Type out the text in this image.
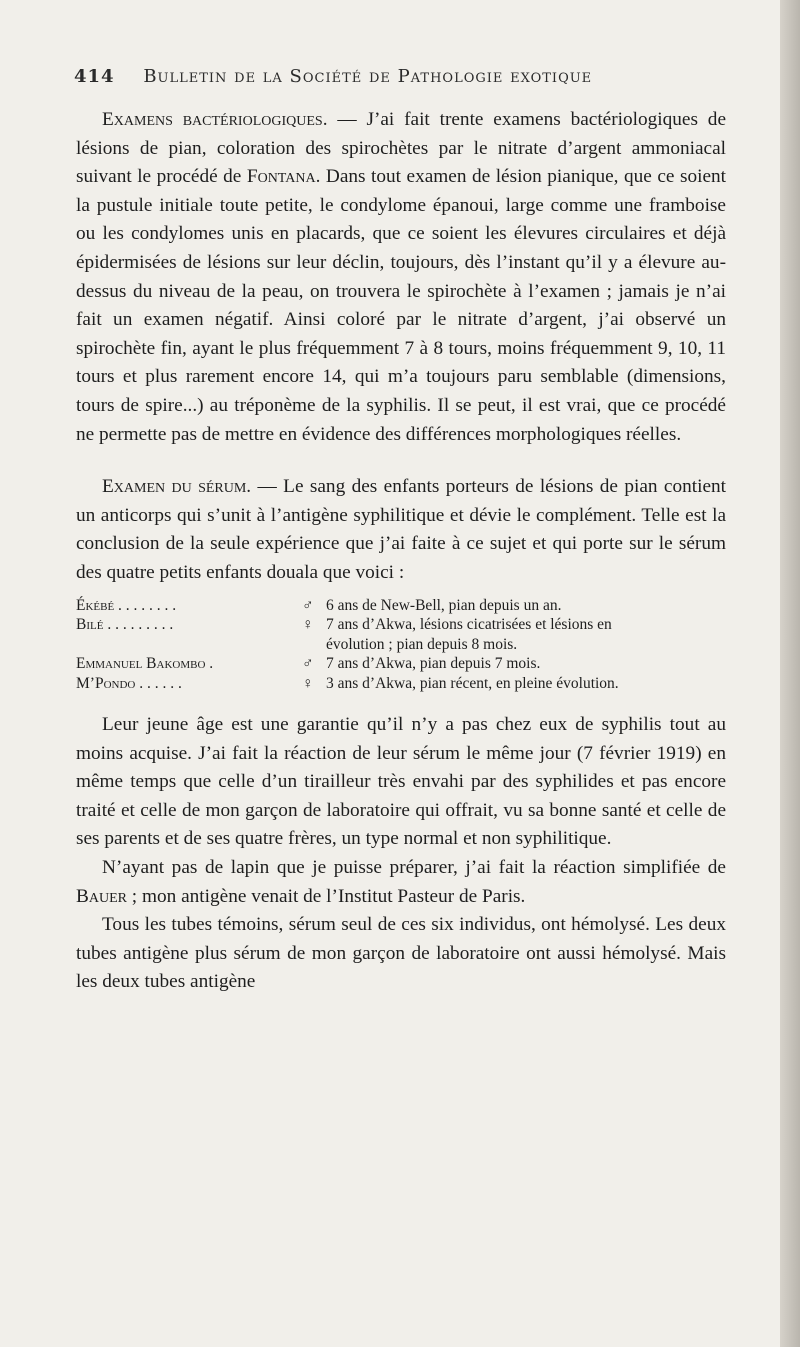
414 Bulletin de la Société de Pathologie exotique

Examens bactériologiques. — J’ai fait trente examens bactériologiques de lésions de pian, coloration des spirochètes par le nitrate d’argent ammoniacal suivant le procédé de Fontana. Dans tout examen de lésion pianique, que ce soient la pustule initiale toute petite, le condylome épanoui, large comme une framboise ou les condylomes unis en placards, que ce soient les élevures circulaires et déjà épidermisées de lésions sur leur déclin, toujours, dès l’instant qu’il y a élevure au-dessus du niveau de la peau, on trouvera le spirochète à l’examen ; jamais je n’ai fait un examen négatif. Ainsi coloré par le nitrate d’argent, j’ai observé un spirochète fin, ayant le plus fréquemment 7 à 8 tours, moins fréquemment 9, 10, 11 tours et plus rarement encore 14, qui m’a toujours paru semblable (dimensions, tours de spire...) au tréponème de la syphilis. Il se peut, il est vrai, que ce procédé ne permette pas de mettre en évidence des différences morphologiques réelles.

Examen du sérum. — Le sang des enfants porteurs de lésions de pian contient un anticorps qui s’unit à l’antigène syphilitique et dévie le complément. Telle est la conclusion de la seule expérience que j’ai faite à ce sujet et qui porte sur le sérum des quatre petits enfants douala que voici :

Ékébé . . . . . . . .	♂ 6 ans de New-Bell, pian depuis un an.
Bilé . . . . . . . . .	♀ 7 ans d’Akwa, lésions cicatrisées et lésions en
évolution ; pian depuis 8 mois.
Emmanuel Bakombo .	♂ 7 ans d’Akwa, pian depuis 7 mois.
M’Pondo . . . . . .	♀ 3 ans d’Akwa, pian récent, en pleine évolution.

Leur jeune âge est une garantie qu’il n’y a pas chez eux de syphilis tout au moins acquise. J’ai fait la réaction de leur sérum le même jour (7 février 1919) en même temps que celle d’un tirailleur très envahi par des syphilides et pas encore traité et celle de mon garçon de laboratoire qui offrait, vu sa bonne santé et celle de ses parents et de ses quatre frères, un type normal et non syphilitique.

N’ayant pas de lapin que je puisse préparer, j’ai fait la réaction simplifiée de Bauer ; mon antigène venait de l’Institut Pasteur de Paris.

Tous les tubes témoins, sérum seul de ces six individus, ont hémolysé. Les deux tubes antigène plus sérum de mon garçon de laboratoire ont aussi hémolysé. Mais les deux tubes antigène
